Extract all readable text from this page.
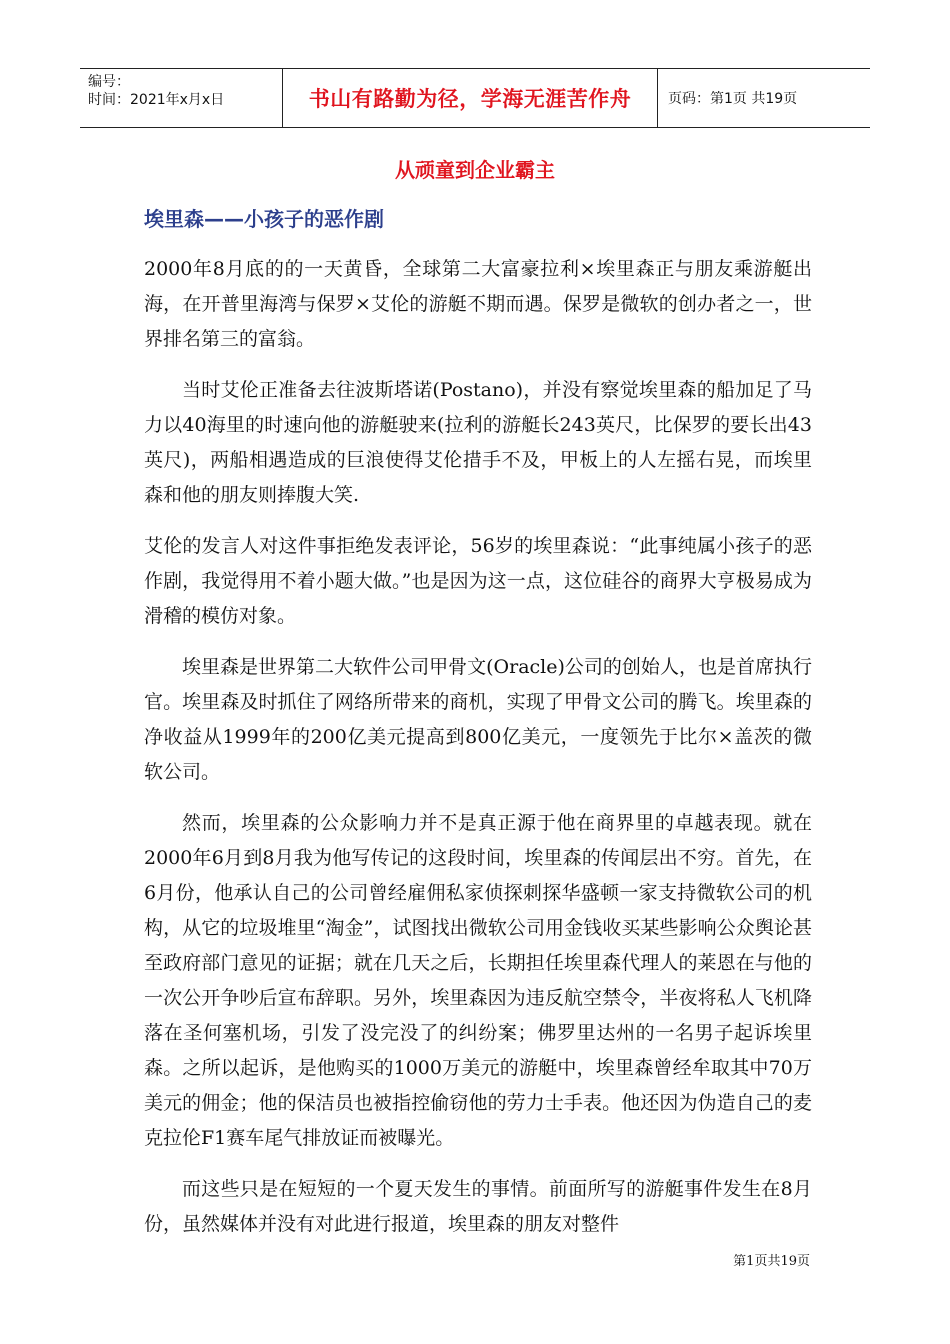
编号：
时间：2021年x月x日	书山有路勤为径，学海无涯苦作舟	页码：第1页 共19页
从顽童到企业霸主
埃里森——小孩子的恶作剧

2000年8月底的的一天黄昏，全球第二大富豪拉利×埃里森正与朋友乘游艇出海，在开普里海湾与保罗×艾伦的游艇不期而遇。保罗是微软的创办者之一，世界排名第三的富翁。

当时艾伦正准备去往波斯塔诺(Postano)，并没有察觉埃里森的船加足了马力以40海里的时速向他的游艇驶来(拉利的游艇长243英尺，比保罗的要长出43英尺)，两船相遇造成的巨浪使得艾伦措手不及，甲板上的人左摇右晃，而埃里森和他的朋友则捧腹大笑.

艾伦的发言人对这件事拒绝发表评论，56岁的埃里森说：“此事纯属小孩子的恶作剧，我觉得用不着小题大做。”也是因为这一点，这位硅谷的商界大亨极易成为滑稽的模仿对象。

埃里森是世界第二大软件公司甲骨文(Oracle)公司的创始人，也是首席执行官。埃里森及时抓住了网络所带来的商机，实现了甲骨文公司的腾飞。埃里森的净收益从1999年的200亿美元提高到800亿美元，一度领先于比尔×盖茨的微软公司。

然而，埃里森的公众影响力并不是真正源于他在商界里的卓越表现。就在2000年6月到8月我为他写传记的这段时间，埃里森的传闻层出不穷。首先，在6月份，他承认自己的公司曾经雇佣私家侦探刺探华盛顿一家支持微软公司的机构，从它的垃圾堆里“淘金”，试图找出微软公司用金钱收买某些影响公众舆论甚至政府部门意见的证据；就在几天之后，长期担任埃里森代理人的莱恩在与他的一次公开争吵后宣布辞职。另外，埃里森因为违反航空禁令，半夜将私人飞机降落在圣何塞机场，引发了没完没了的纠纷案；佛罗里达州的一名男子起诉埃里森。之所以起诉，是他购买的1000万美元的游艇中，埃里森曾经牟取其中70万美元的佣金；他的保洁员也被指控偷窃他的劳力士手表。他还因为伪造自己的麦克拉伦F1赛车尾气排放证而被曝光。

而这些只是在短短的一个夏天发生的事情。前面所写的游艇事件发生在8月份，虽然媒体并没有对此进行报道，埃里森的朋友对整件

第1页共19页
